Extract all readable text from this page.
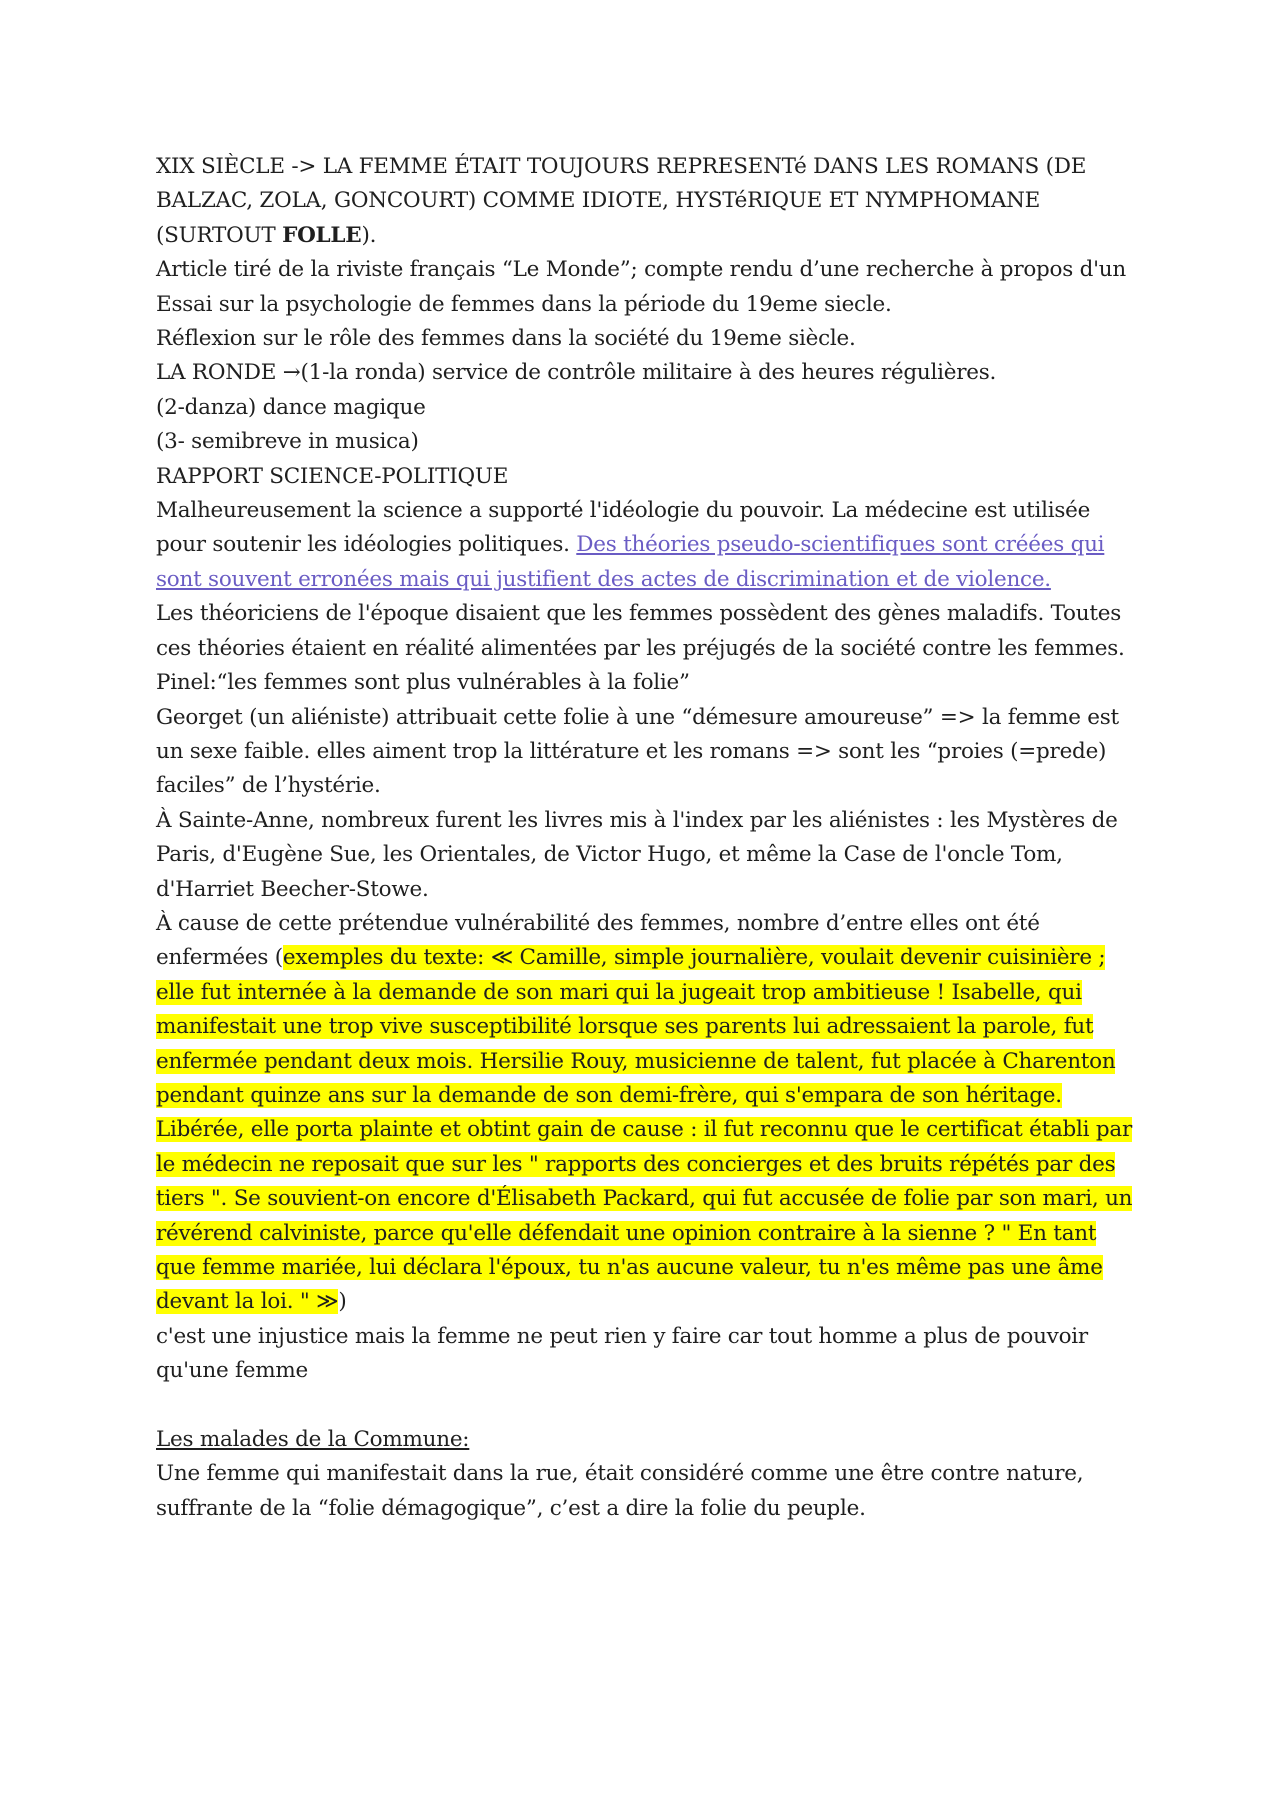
XIX SIÈCLE -> LA FEMME ÉTAIT TOUJOURS REPRESENTé DANS LES ROMANS (DE BALZAC, ZOLA, GONCOURT) COMME IDIOTE, HYSTéRIQUE ET NYMPHOMANE (SURTOUT FOLLE).

Article tiré de la riviste français “Le Monde”; compte rendu d’une recherche à propos d'un Essai sur la psychologie de femmes dans la période du 19eme siecle.

Réflexion sur le rôle des femmes dans la société du 19eme siècle.

LA RONDE →(1-la ronda) service de contrôle militaire à des heures régulières.

(2-danza) dance magique

(3- semibreve in musica)

RAPPORT SCIENCE-POLITIQUE

Malheureusement la science a supporté l'idéologie du pouvoir. La médecine est utilisée pour soutenir les idéologies politiques. Des théories pseudo-scientifiques sont créées qui sont souvent erronées mais qui justifient des actes de discrimination et de violence.

Les théoriciens de l'époque disaient que les femmes possèdent des gènes maladifs. Toutes ces théories étaient en réalité alimentées par les préjugés de la société contre les femmes.

Pinel:“les femmes sont plus vulnérables à la folie”

Georget (un aliéniste) attribuait cette folie à une “démesure amoureuse” => la femme est un sexe faible. elles aiment trop la littérature et les romans => sont les “proies (=prede) faciles” de l’hystérie.

À Sainte-Anne, nombreux furent les livres mis à l'index par les aliénistes : les Mystères de Paris, d'Eugène Sue, les Orientales, de Victor Hugo, et même la Case de l'oncle Tom, d'Harriet Beecher-Stowe.

À cause de cette prétendue vulnérabilité des femmes, nombre d’entre elles ont été enfermées (exemples du texte: ≪ Camille, simple journalière, voulait devenir cuisinière ; elle fut internée à la demande de son mari qui la jugeait trop ambitieuse ! Isabelle, qui manifestait une trop vive susceptibilité lorsque ses parents lui adressaient la parole, fut enfermée pendant deux mois. Hersilie Rouy, musicienne de talent, fut placée à Charenton pendant quinze ans sur la demande de son demi-frère, qui s'empara de son héritage. Libérée, elle porta plainte et obtint gain de cause : il fut reconnu que le certificat établi par le médecin ne reposait que sur les " rapports des concierges et des bruits répétés par des tiers ". Se souvient-on encore d'Élisabeth Packard, qui fut accusée de folie par son mari, un révérend calviniste, parce qu'elle défendait une opinion contraire à la sienne ? " En tant que femme mariée, lui déclara l'époux, tu n'as aucune valeur, tu n'es même pas une âme devant la loi. " ≫)

c'est une injustice mais la femme ne peut rien y faire car tout homme a plus de pouvoir qu'une femme

Les malades de la Commune:

Une femme qui manifestait dans la rue, était considéré comme une être contre nature, suffrante de la “folie démagogique”, c’est a dire la folie du peuple.
